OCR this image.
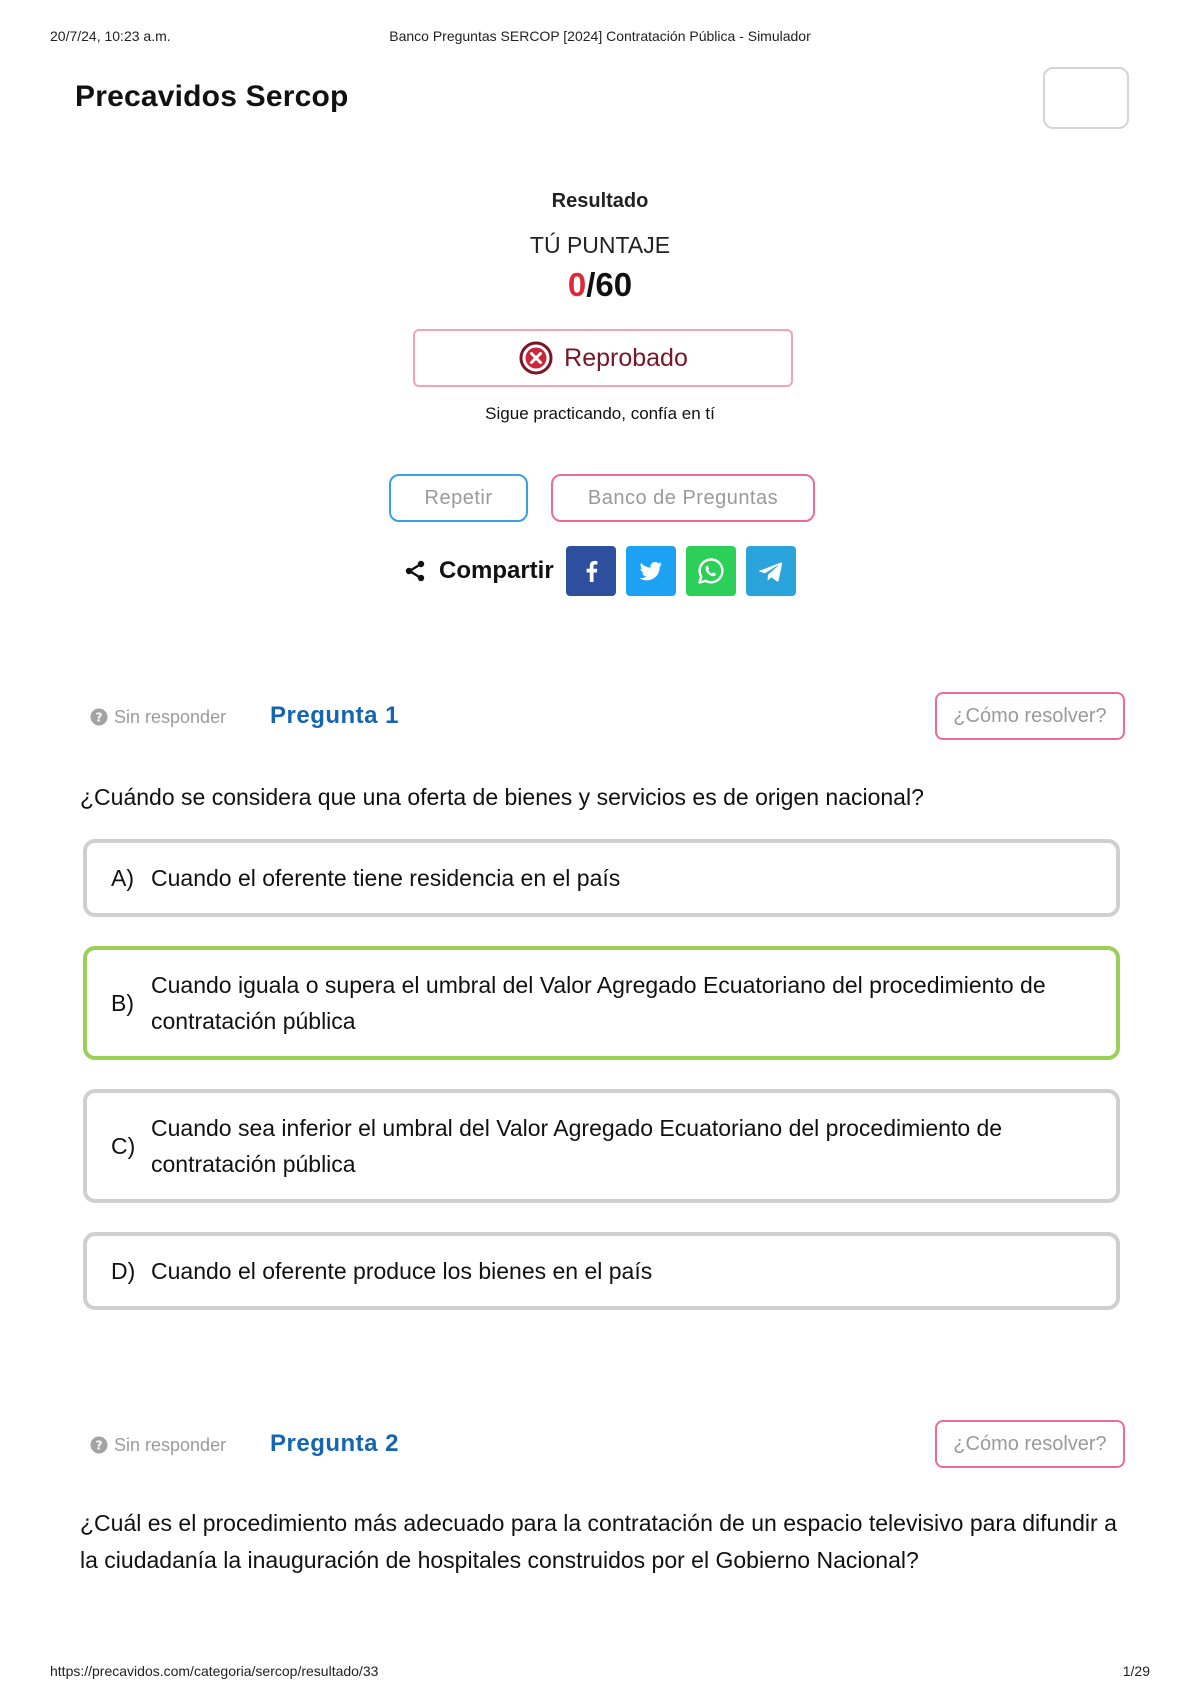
20/7/24, 10:23 a.m.	Banco Preguntas SERCOP [2024] Contratación Pública - Simulador
Precavidos Sercop
Resultado
TÚ PUNTAJE
0/60
Reprobado
Sigue practicando, confía en tí
Repetir	Banco de Preguntas
Compartir
? Sin responder Pregunta 1	¿Cómo resolver?
¿Cuándo se considera que una oferta de bienes y servicios es de origen nacional?
A) Cuando el oferente tiene residencia en el país
B)
Cuando iguala o supera el umbral del Valor Agregado Ecuatoriano del procedimiento de contratación pública
C)
Cuando sea inferior el umbral del Valor Agregado Ecuatoriano del procedimiento de contratación pública
D) Cuando el oferente produce los bienes en el país
? Sin responder Pregunta 2	¿Cómo resolver?
¿Cuál es el procedimiento más adecuado para la contratación de un espacio televisivo para difundir a la ciudadanía la inauguración de hospitales construidos por el Gobierno Nacional?
https://precavidos.com/categoria/sercop/resultado/33	1/29
